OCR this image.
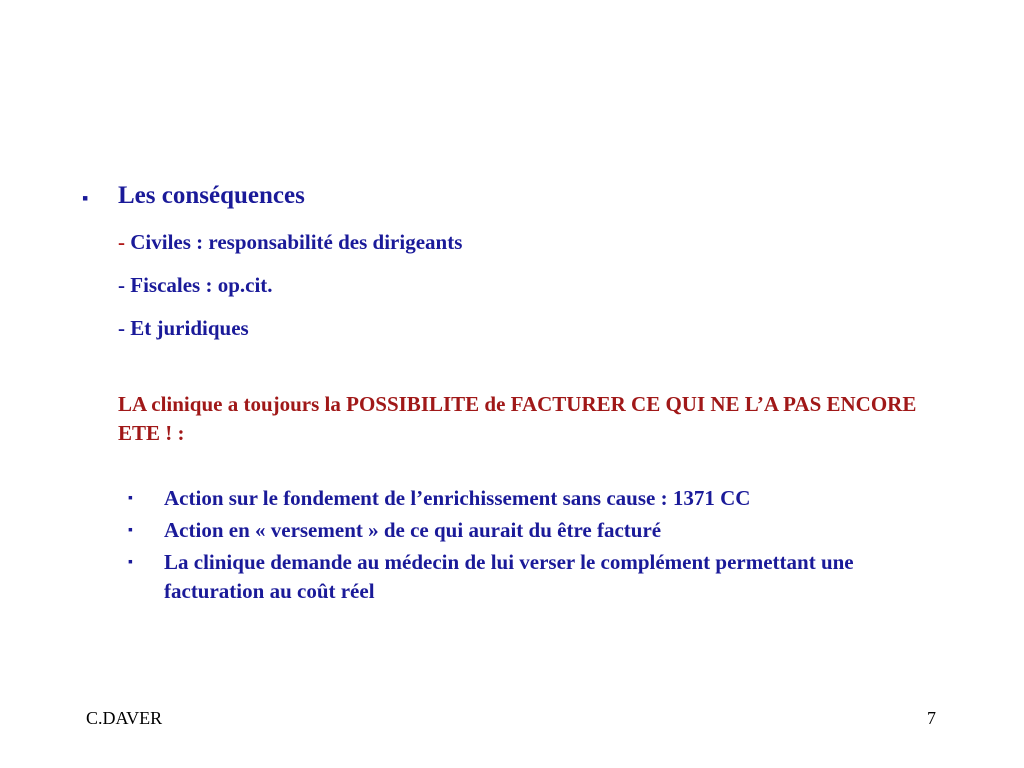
▪ Les conséquences
- Civiles : responsabilité des dirigeants
- Fiscales : op.cit.
- Et juridiques
LA clinique a toujours la POSSIBILITE de FACTURER CE QUI NE L’A PAS ENCORE ETE ! :
▪ Action sur le fondement de l’enrichissement sans cause : 1371 CC
▪ Action en « versement » de ce qui aurait du être facturé
▪ La clinique demande au médecin de lui verser le complément permettant une facturation au coût réel
C.DAVER	7
